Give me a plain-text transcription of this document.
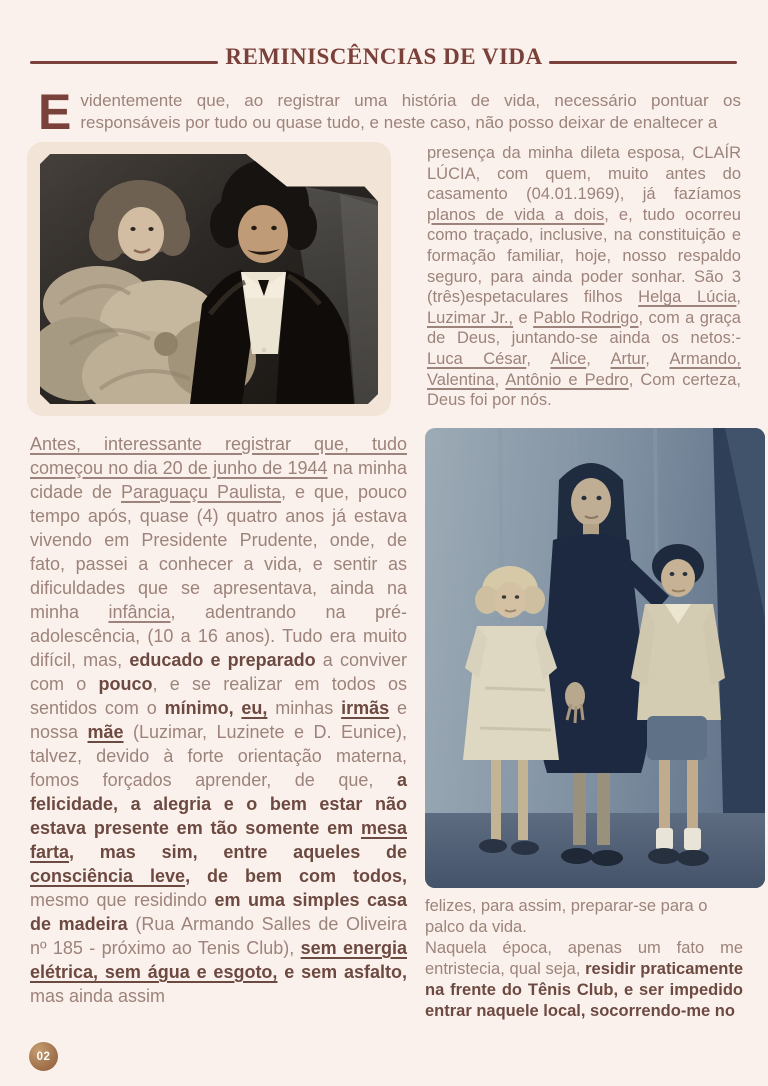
REMINISCÊNCIAS DE VIDA

Evidentemente que, ao registrar uma história de vida, necessário pontuar os responsáveis por tudo ou quase tudo, e neste caso, não posso deixar de enaltecer a

presença da minha dileta esposa, CLAÍR LÚCIA, com quem, muito antes do casamento (04.01.1969), já fazíamos planos de vida a dois, e, tudo ocorreu como traçado, inclusive, na constituição e formação familiar, hoje, nosso respaldo seguro, para ainda poder sonhar. São 3 (três)espetaculares filhos Helga Lúcia, Luzimar Jr., e Pablo Rodrigo, com a graça de Deus, juntando-se ainda os netos:- Luca César, Alice, Artur, Armando, Valentina, Antônio e Pedro, Com certeza, Deus foi por nós.

Antes, interessante registrar que, tudo começou no dia 20 de junho de 1944 na minha cidade de Paraguaçu Paulista, e que, pouco tempo após, quase (4) quatro anos já estava vivendo em Presidente Prudente, onde, de fato, passei a conhecer a vida, e sentir as dificuldades que se apresentava, ainda na minha infância, adentrando na pré-adolescência, (10 a 16 anos). Tudo era muito difícil, mas, educado e preparado a conviver com o pouco, e se realizar em todos os sentidos com o mínimo, eu, minhas irmãs e nossa mãe (Luzimar, Luzinete e D. Eunice), talvez, devido à forte orientação materna, fomos forçados aprender, de que, a felicidade, a alegria e o bem estar não estava presente em tão somente em mesa farta, mas sim, entre aqueles de consciência leve, de bem com todos, mesmo que residindo em uma simples casa de madeira (Rua Armando Salles de Oliveira nº 185 - próximo ao Tenis Club), sem energia elétrica, sem água e esgoto, e sem asfalto, mas ainda assim

felizes, para assim, preparar-se para o palco da vida.

Naquela época, apenas um fato me entristecia, qual seja, residir praticamente na frente do Tênis Club, e ser impedido entrar naquele local, socorrendo-me no

02
